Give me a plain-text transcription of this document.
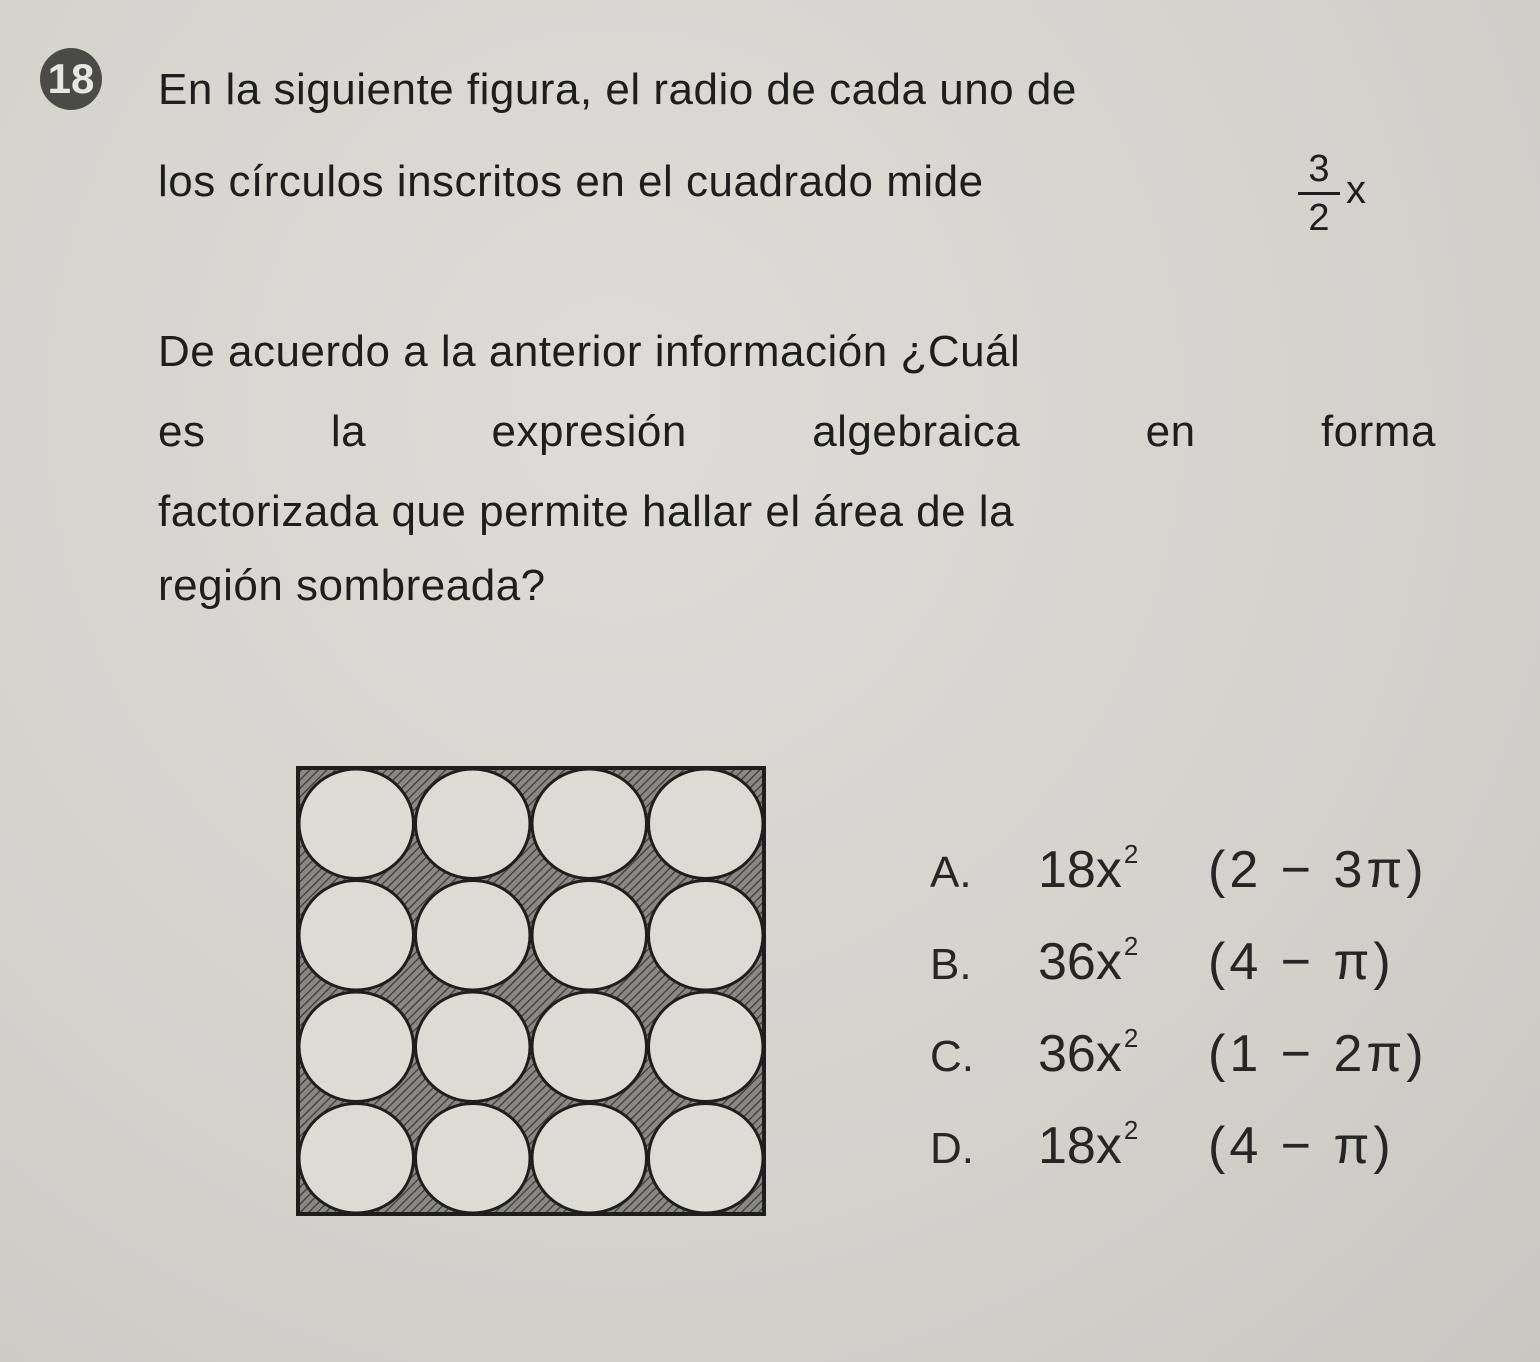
18 En la siguiente figura, el radio de cada uno de
los círculos inscritos en el cuadrado mide	3
2
x
De acuerdo a la anterior información ¿Cuál
es	la	expresión	algebraica	en	forma
factorizada que permite hallar el área de la
región sombreada?
A.	$18x^2$	(2 − 3π)
B.	$36x^2$	(4 − π)
C.	$36x^2$	(1 − 2π)
D.	$18x^2$	(4 − π)
